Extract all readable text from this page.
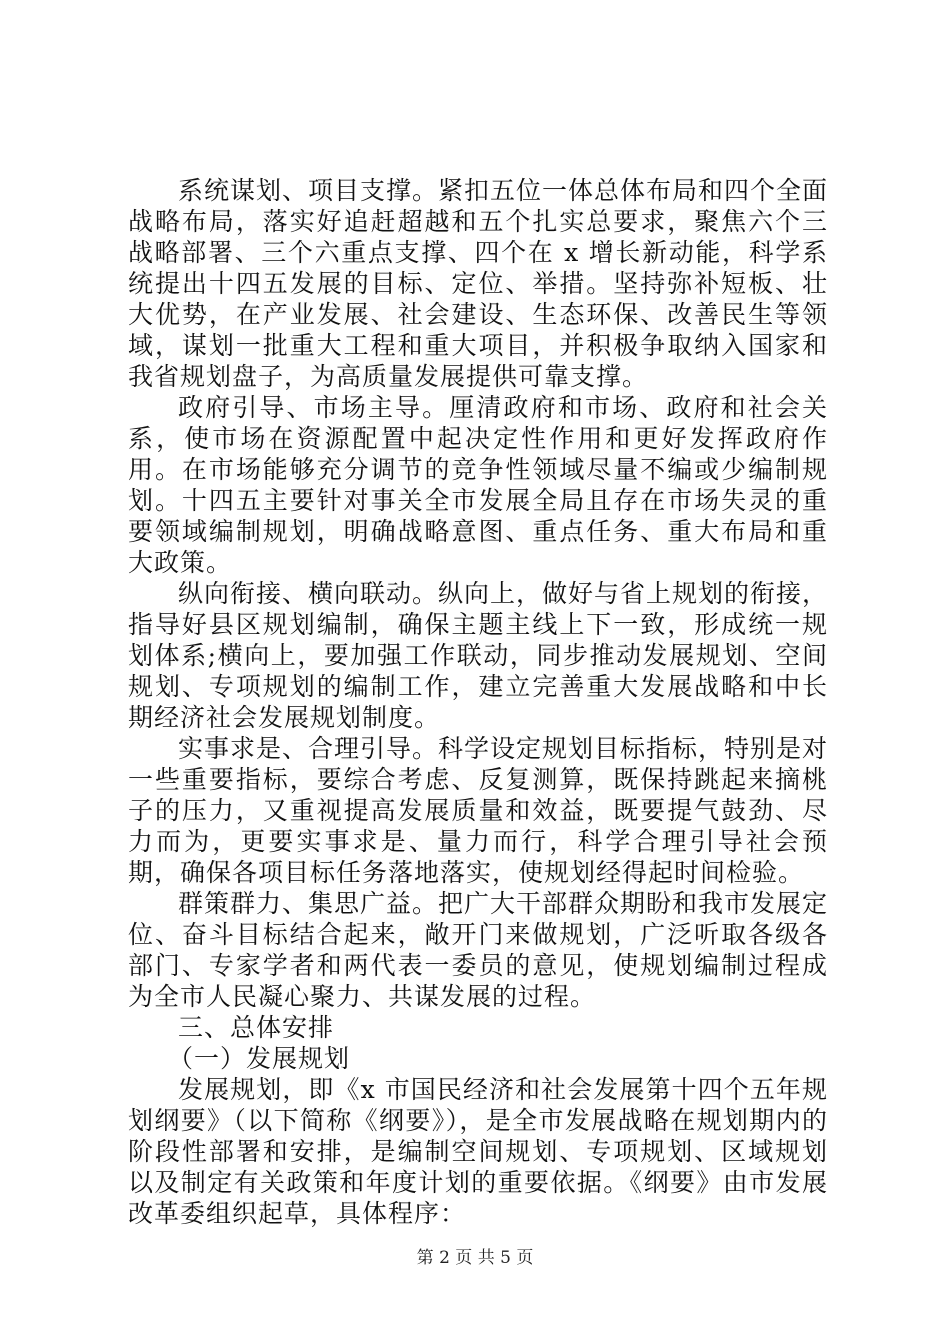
系统谋划、项目支撑。紧扣五位一体总体布局和四个全面战略布局，落实好追赶超越和五个扎实总要求，聚焦六个三战略部署、三个六重点支撑、四个在 x 增长新动能，科学系统提出十四五发展的目标、定位、举措。坚持弥补短板、壮大优势，在产业发展、社会建设、生态环保、改善民生等领域，谋划一批重大工程和重大项目，并积极争取纳入国家和我省规划盘子，为高质量发展提供可靠支撑。

政府引导、市场主导。厘清政府和市场、政府和社会关系，使市场在资源配置中起决定性作用和更好发挥政府作用。在市场能够充分调节的竞争性领域尽量不编或少编制规划。十四五主要针对事关全市发展全局且存在市场失灵的重要领域编制规划，明确战略意图、重点任务、重大布局和重大政策。

纵向衔接、横向联动。纵向上，做好与省上规划的衔接，指导好县区规划编制，确保主题主线上下一致，形成统一规划体系;横向上，要加强工作联动，同步推动发展规划、空间规划、专项规划的编制工作，建立完善重大发展战略和中长期经济社会发展规划制度。

实事求是、合理引导。科学设定规划目标指标，特别是对一些重要指标，要综合考虑、反复测算，既保持跳起来摘桃子的压力，又重视提高发展质量和效益，既要提气鼓劲、尽力而为，更要实事求是、量力而行，科学合理引导社会预期，确保各项目标任务落地落实，使规划经得起时间检验。

群策群力、集思广益。把广大干部群众期盼和我市发展定位、奋斗目标结合起来，敞开门来做规划，广泛听取各级各部门、专家学者和两代表一委员的意见，使规划编制过程成为全市人民凝心聚力、共谋发展的过程。

三、总体安排

（一）发展规划

发展规划，即《x 市国民经济和社会发展第十四个五年规划纲要》（以下简称《纲要》），是全市发展战略在规划期内的阶段性部署和安排，是编制空间规划、专项规划、区域规划以及制定有关政策和年度计划的重要依据。《纲要》由市发展改革委组织起草，具体程序：

第 2 页 共 5 页
